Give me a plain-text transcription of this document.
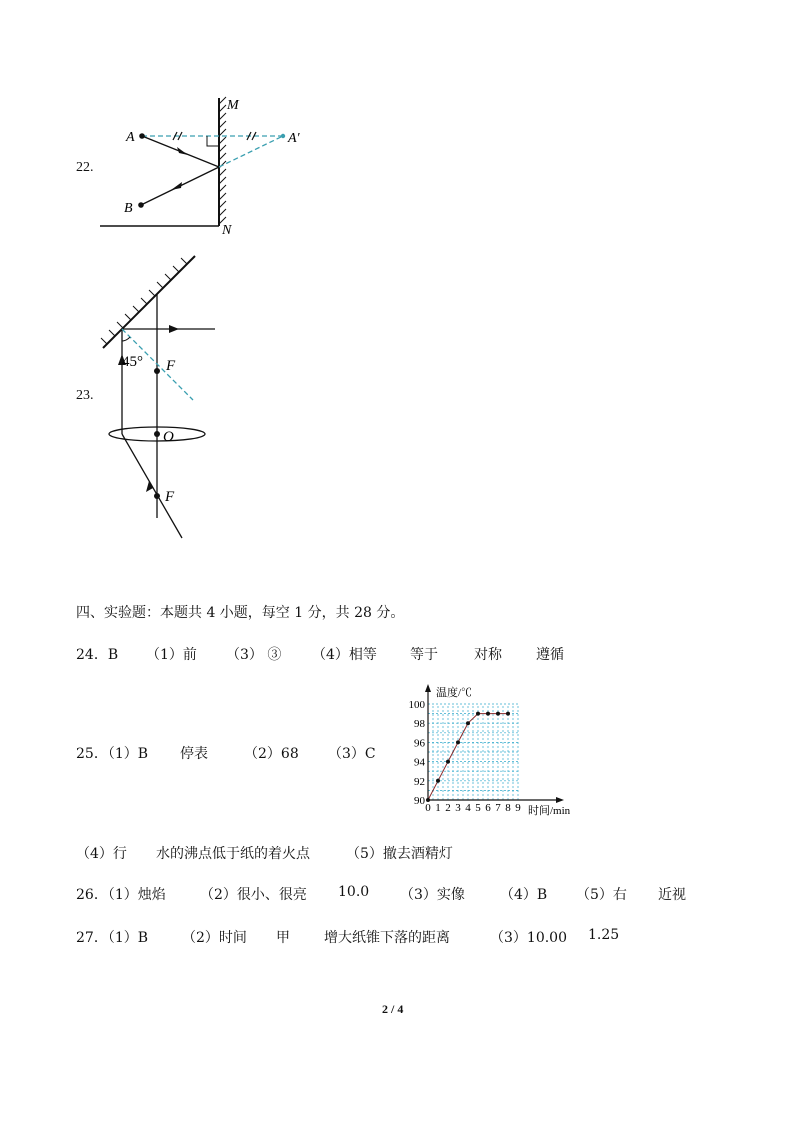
22.
A	A′
B
M
N
23.
45° F
O
F
四、实验题：本题共 4 小题，每空 1 分，共 28 分。
24．B （1）前 （3） ③ （4）相等 等于	对称 遵循
25．（1）B 停表	（2）68 （3）C
90
92
94
96
98
100
0 1 2 3 4 5 6 7 8 9
温度/℃
时间/min
（4）行 水的沸点低于纸的着火点	（5）撤去酒精灯
26．（1）烛焰 （2）很小、很亮 10.0 （3）实像	（4）B （5）右 近视
27．（1）B （2）时间 甲 增大纸锥下落的距离	（3）10.00 1.25
2 / 4
